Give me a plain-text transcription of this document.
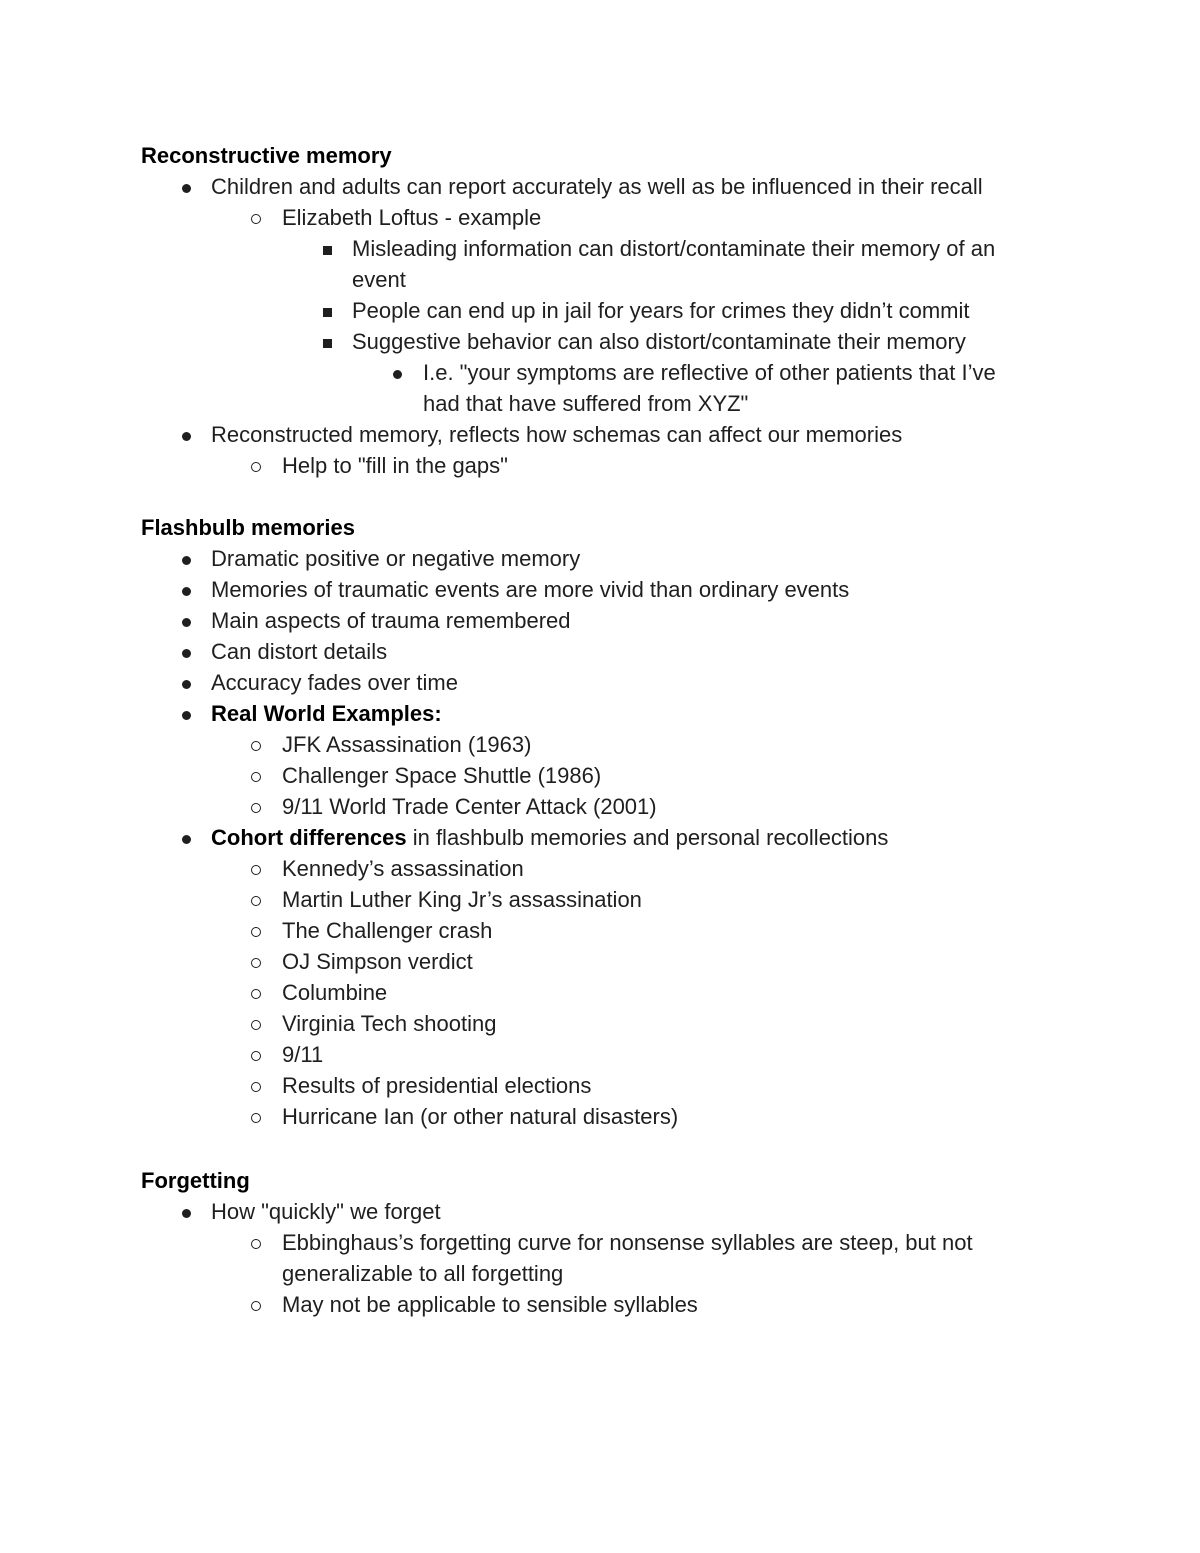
Reconstructive memory
Children and adults can report accurately as well as be influenced in their recall
Elizabeth Loftus - example
Misleading information can distort/contaminate their memory of an
event
People can end up in jail for years for crimes they didn’t commit
Suggestive behavior can also distort/contaminate their memory
I.e. "your symptoms are reflective of other patients that I’ve
had that have suffered from XYZ"
Reconstructed memory, reflects how schemas can affect our memories
Help to "fill in the gaps"
Flashbulb memories
Dramatic positive or negative memory
Memories of traumatic events are more vivid than ordinary events
Main aspects of trauma remembered
Can distort details
Accuracy fades over time
Real World Examples:
JFK Assassination (1963)
Challenger Space Shuttle (1986)
9/11 World Trade Center Attack (2001)
Cohort differences in flashbulb memories and personal recollections
Kennedy’s assassination
Martin Luther King Jr’s assassination
The Challenger crash
OJ Simpson verdict
Columbine
Virginia Tech shooting
9/11
Results of presidential elections
Hurricane Ian (or other natural disasters)
Forgetting
How "quickly" we forget
Ebbinghaus’s forgetting curve for nonsense syllables are steep, but not
generalizable to all forgetting
May not be applicable to sensible syllables
